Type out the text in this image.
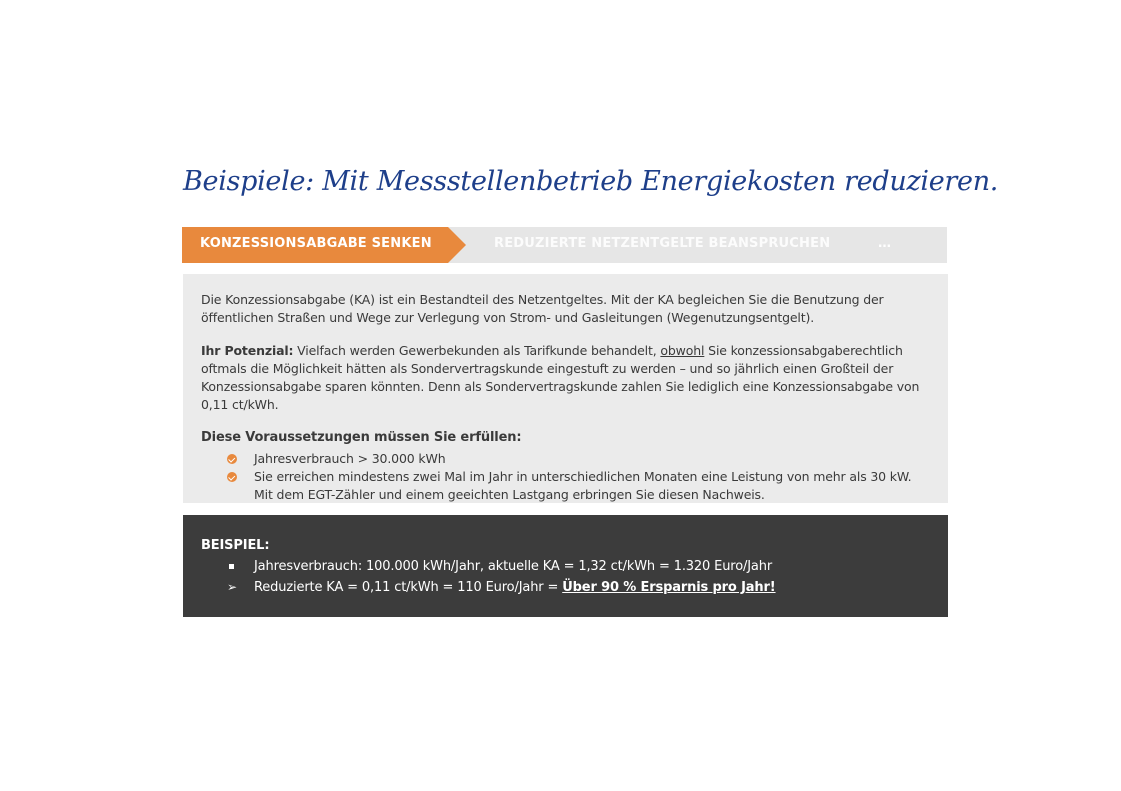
Beispiele: Mit Messstellenbetrieb Energiekosten reduzieren.
KONZESSIONSABGABE SENKEN	REDUZIERTE NETZENTGELTE BEANSPRUCHEN	…

Die Konzessionsabgabe (KA) ist ein Bestandteil des Netzentgeltes. Mit der KA begleichen Sie die Benutzung der öffentlichen Straßen und Wege zur Verlegung von Strom- und Gasleitungen (Wegenutzungsentgelt).

Ihr Potenzial: Vielfach werden Gewerbekunden als Tarifkunde behandelt, obwohl Sie konzessionsabgaberechtlich oftmals die Möglichkeit hätten als Sondervertragskunde eingestuft zu werden – und so jährlich einen Großteil der Konzessionsabgabe sparen könnten. Denn als Sondervertragskunde zahlen Sie lediglich eine Konzessionsabgabe von 0,11 ct/kWh.

Diese Voraussetzungen müssen Sie erfüllen:

Jahresverbrauch > 30.000 kWh
Sie erreichen mindestens zwei Mal im Jahr in unterschiedlichen Monaten eine Leistung von mehr als 30 kW.
Mit dem EGT-Zähler und einem geeichten Lastgang erbringen Sie diesen Nachweis.

BEISPIEL:

Jahresverbrauch: 100.000 kWh/Jahr, aktuelle KA = 1,32 ct/kWh = 1.320 Euro/Jahr
➢ Reduzierte KA = 0,11 ct/kWh = 110 Euro/Jahr = Über 90 % Ersparnis pro Jahr!
